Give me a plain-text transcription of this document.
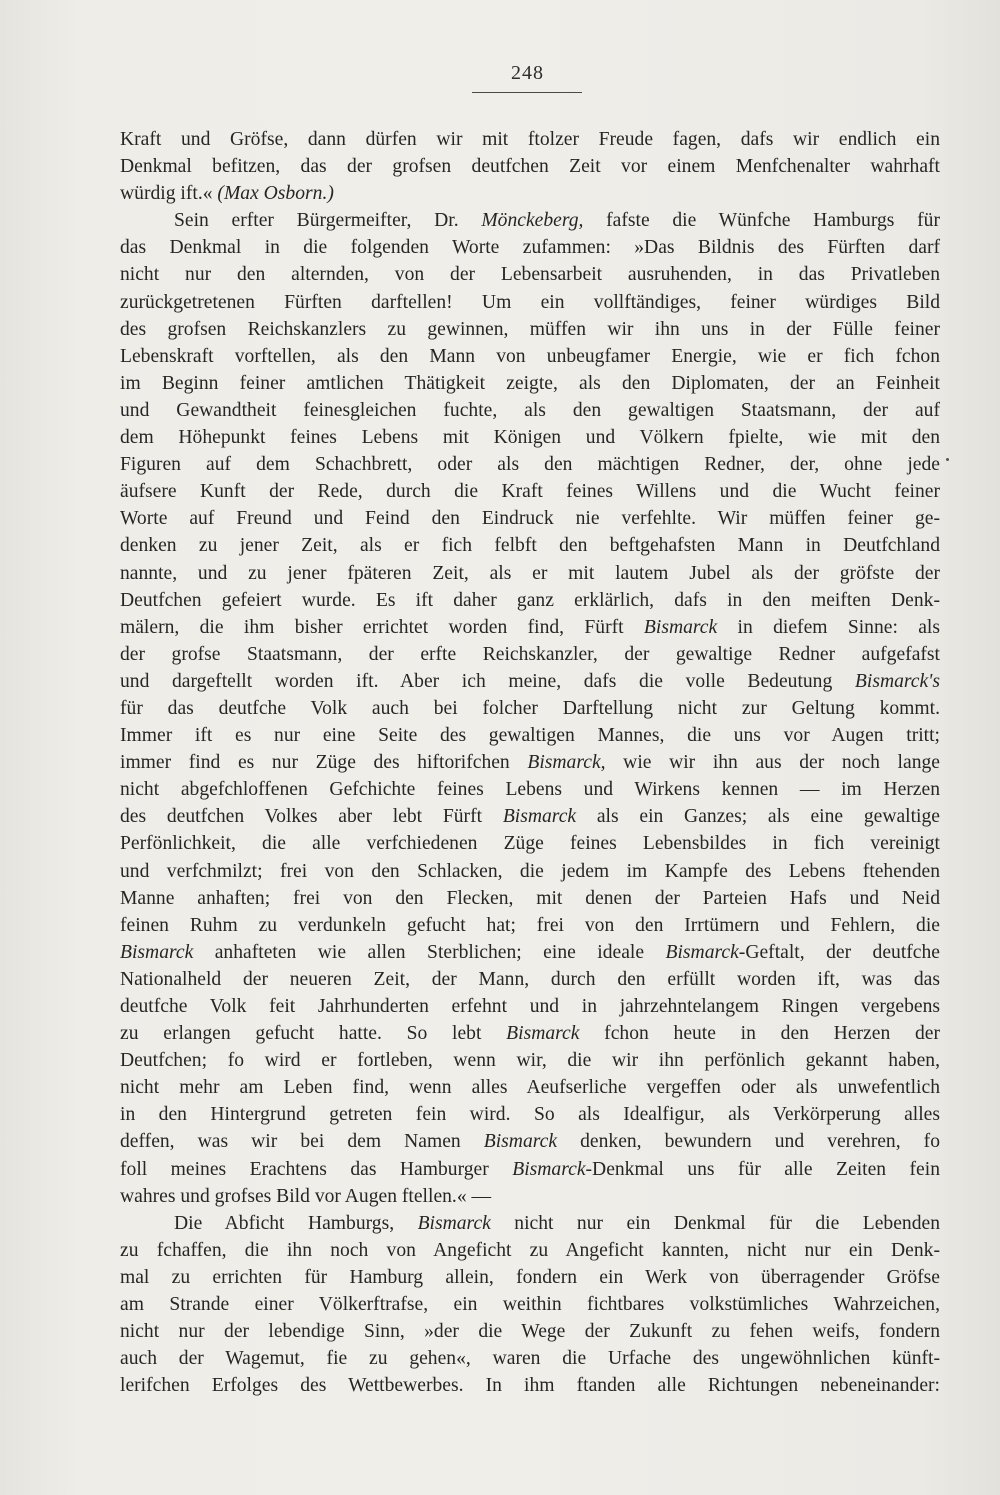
248
Kraft und Gröfse, dann dürfen wir mit ftolzer Freude fagen, dafs wir endlich ein
Denkmal befitzen, das der grofsen deutfchen Zeit vor einem Menfchenalter wahrhaft
würdig ift.« (Max Osborn.)
Sein erfter Bürgermeifter, Dr. Mönckeberg, fafste die Wünfche Hamburgs für
das Denkmal in die folgenden Worte zufammen: »Das Bildnis des Fürften darf
nicht nur den alternden, von der Lebensarbeit ausruhenden, in das Privatleben
zurückgetretenen Fürften darftellen! Um ein vollftändiges, feiner würdiges Bild
des grofsen Reichskanzlers zu gewinnen, müffen wir ihn uns in der Fülle feiner
Lebenskraft vorftellen, als den Mann von unbeugfamer Energie, wie er fich fchon
im Beginn feiner amtlichen Thätigkeit zeigte, als den Diplomaten, der an Feinheit
und Gewandtheit feinesgleichen fuchte, als den gewaltigen Staatsmann, der auf
dem Höhepunkt feines Lebens mit Königen und Völkern fpielte, wie mit den
Figuren auf dem Schachbrett, oder als den mächtigen Redner, der, ohne jede
äufsere Kunft der Rede, durch die Kraft feines Willens und die Wucht feiner
Worte auf Freund und Feind den Eindruck nie verfehlte. Wir müffen feiner ge-
denken zu jener Zeit, als er fich felbft den beftgehafsten Mann in Deutfchland
nannte, und zu jener fpäteren Zeit, als er mit lautem Jubel als der gröfste der
Deutfchen gefeiert wurde. Es ift daher ganz erklärlich, dafs in den meiften Denk-
mälern, die ihm bisher errichtet worden find, Fürft Bismarck in diefem Sinne: als
der grofse Staatsmann, der erfte Reichskanzler, der gewaltige Redner aufgefafst
und dargeftellt worden ift. Aber ich meine, dafs die volle Bedeutung Bismarck's
für das deutfche Volk auch bei folcher Darftellung nicht zur Geltung kommt.
Immer ift es nur eine Seite des gewaltigen Mannes, die uns vor Augen tritt;
immer find es nur Züge des hiftorifchen Bismarck, wie wir ihn aus der noch lange
nicht abgefchloffenen Gefchichte feines Lebens und Wirkens kennen — im Herzen
des deutfchen Volkes aber lebt Fürft Bismarck als ein Ganzes; als eine gewaltige
Perfönlichkeit, die alle verfchiedenen Züge feines Lebensbildes in fich vereinigt
und verfchmilzt; frei von den Schlacken, die jedem im Kampfe des Lebens ftehenden
Manne anhaften; frei von den Flecken, mit denen der Parteien Hafs und Neid
feinen Ruhm zu verdunkeln gefucht hat; frei von den Irrtümern und Fehlern, die
Bismarck anhafteten wie allen Sterblichen; eine ideale Bismarck-Geftalt, der deutfche
Nationalheld der neueren Zeit, der Mann, durch den erfüllt worden ift, was das
deutfche Volk feit Jahrhunderten erfehnt und in jahrzehntelangem Ringen vergebens
zu erlangen gefucht hatte. So lebt Bismarck fchon heute in den Herzen der
Deutfchen; fo wird er fortleben, wenn wir, die wir ihn perfönlich gekannt haben,
nicht mehr am Leben find, wenn alles Aeufserliche vergeffen oder als unwefentlich
in den Hintergrund getreten fein wird. So als Idealfigur, als Verkörperung alles
deffen, was wir bei dem Namen Bismarck denken, bewundern und verehren, fo
foll meines Erachtens das Hamburger Bismarck-Denkmal uns für alle Zeiten fein
wahres und grofses Bild vor Augen ftellen.« —
Die Abficht Hamburgs, Bismarck nicht nur ein Denkmal für die Lebenden
zu fchaffen, die ihn noch von Angeficht zu Angeficht kannten, nicht nur ein Denk-
mal zu errichten für Hamburg allein, fondern ein Werk von überragender Gröfse
am Strande einer Völkerftrafse, ein weithin fichtbares volkstümliches Wahrzeichen,
nicht nur der lebendige Sinn, »der die Wege der Zukunft zu fehen weifs, fondern
auch der Wagemut, fie zu gehen«, waren die Urfache des ungewöhnlichen künft-
lerifchen Erfolges des Wettbewerbes. In ihm ftanden alle Richtungen nebeneinander:
